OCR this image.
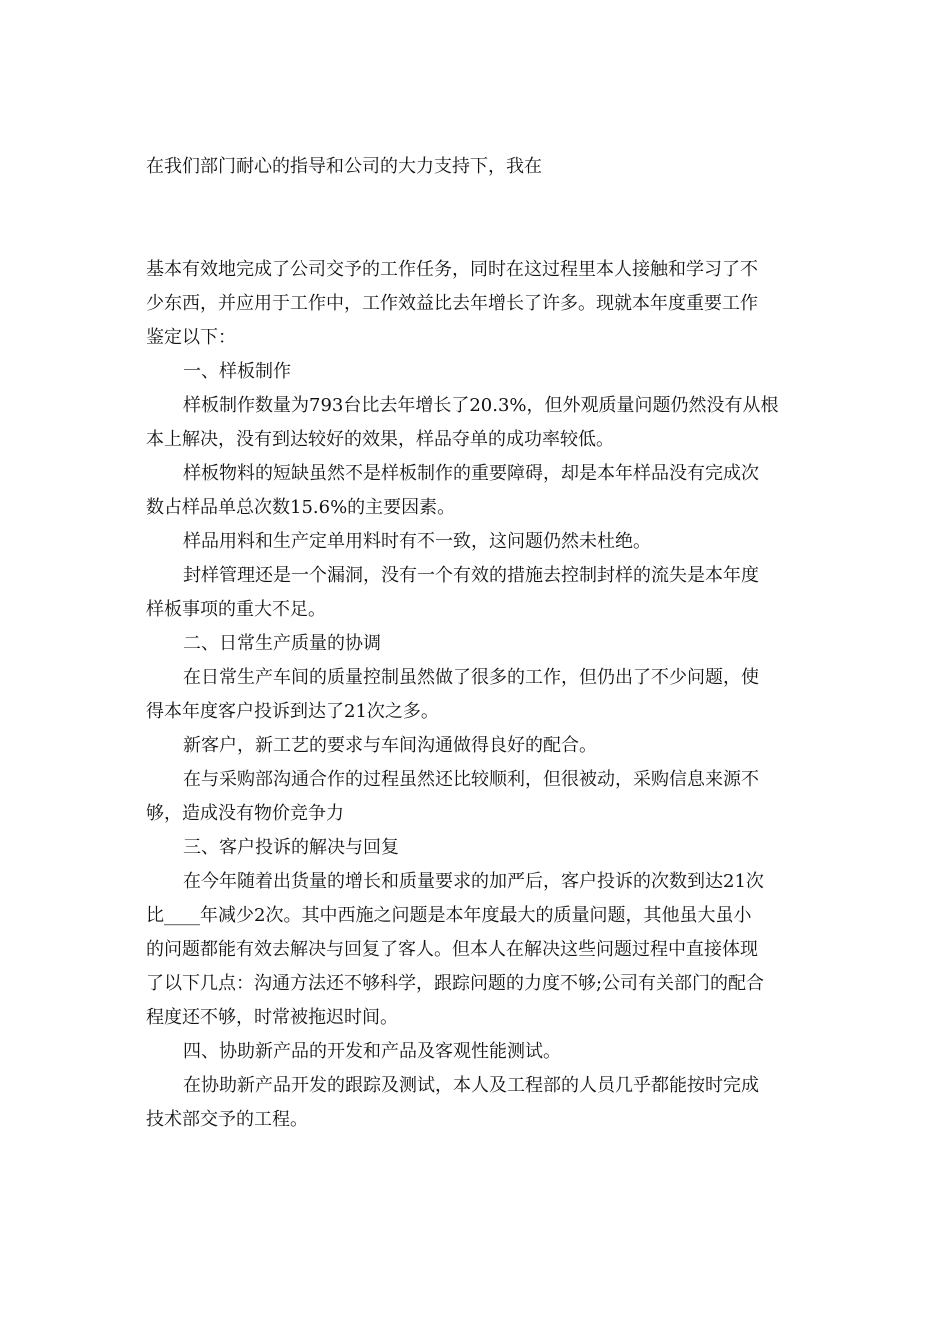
在我们部门耐心的指导和公司的大力支持下，我在
基本有效地完成了公司交予的工作任务，同时在这过程里本人接触和学习了不
少东西，并应用于工作中，工作效益比去年增长了许多。现就本年度重要工作
鉴定以下：
一、样板制作
样板制作数量为793台比去年增长了20.3%，但外观质量问题仍然没有从根
本上解决，没有到达较好的效果，样品夺单的成功率较低。
样板物料的短缺虽然不是样板制作的重要障碍，却是本年样品没有完成次
数占样品单总次数15.6%的主要因素。
样品用料和生产定单用料时有不一致，这问题仍然未杜绝。
封样管理还是一个漏洞，没有一个有效的措施去控制封样的流失是本年度
样板事项的重大不足。
二、日常生产质量的协调
在日常生产车间的质量控制虽然做了很多的工作，但仍出了不少问题，使
得本年度客户投诉到达了21次之多。
新客户，新工艺的要求与车间沟通做得良好的配合。
在与采购部沟通合作的过程虽然还比较顺利，但很被动，采购信息来源不
够，造成没有物价竞争力
三、客户投诉的解决与回复
在今年随着出货量的增长和质量要求的加严后，客户投诉的次数到达21次
比____年减少2次。其中西施之问题是本年度最大的质量问题，其他虽大虽小
的问题都能有效去解决与回复了客人。但本人在解决这些问题过程中直接体现
了以下几点：沟通方法还不够科学，跟踪问题的力度不够;公司有关部门的配合
程度还不够，时常被拖迟时间。
四、协助新产品的开发和产品及客观性能测试。
在协助新产品开发的跟踪及测试，本人及工程部的人员几乎都能按时完成
技术部交予的工程。
